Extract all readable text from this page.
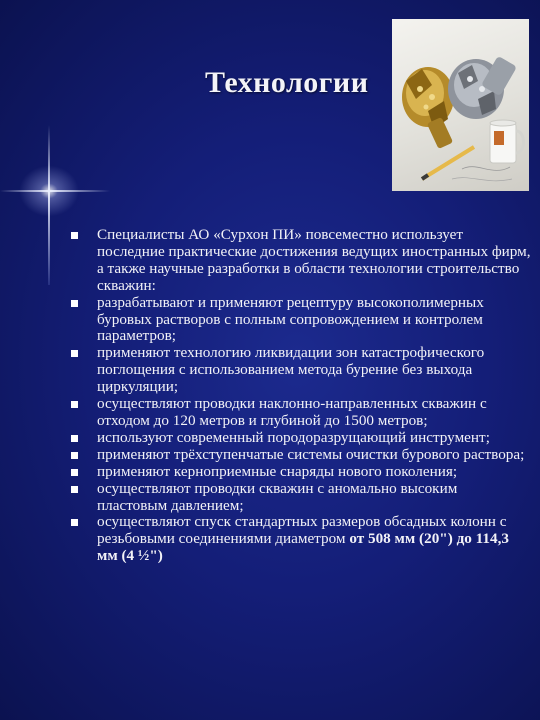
Технологии
Специалисты АО «Сурхон ПИ» повсеместно использует последние практические достижения ведущих иностранных фирм, а также научные разработки в области технологии строительство скважин:
разрабатывают и применяют рецептуру высокополимерных буровых растворов с полным сопровождением и контролем параметров;
применяют технологию ликвидации зон катастрофического поглощения с использованием метода бурение без выхода циркуляции;
осуществляют проводки наклонно-направленных скважин с отходом до 120 метров и глубиной до 1500 метров;
используют современный породоразрущающий инструмент;
применяют трёхступенчатые системы очистки бурового раствора;
применяют керноприемные снаряды нового поколения;
осуществляют проводки скважин с аномально высоким пластовым давлением;
осуществляют спуск стандартных размеров обсадных колонн с резьбовыми соединениями диаметром от 508 мм (20") до 114,3 мм (4 ½")
